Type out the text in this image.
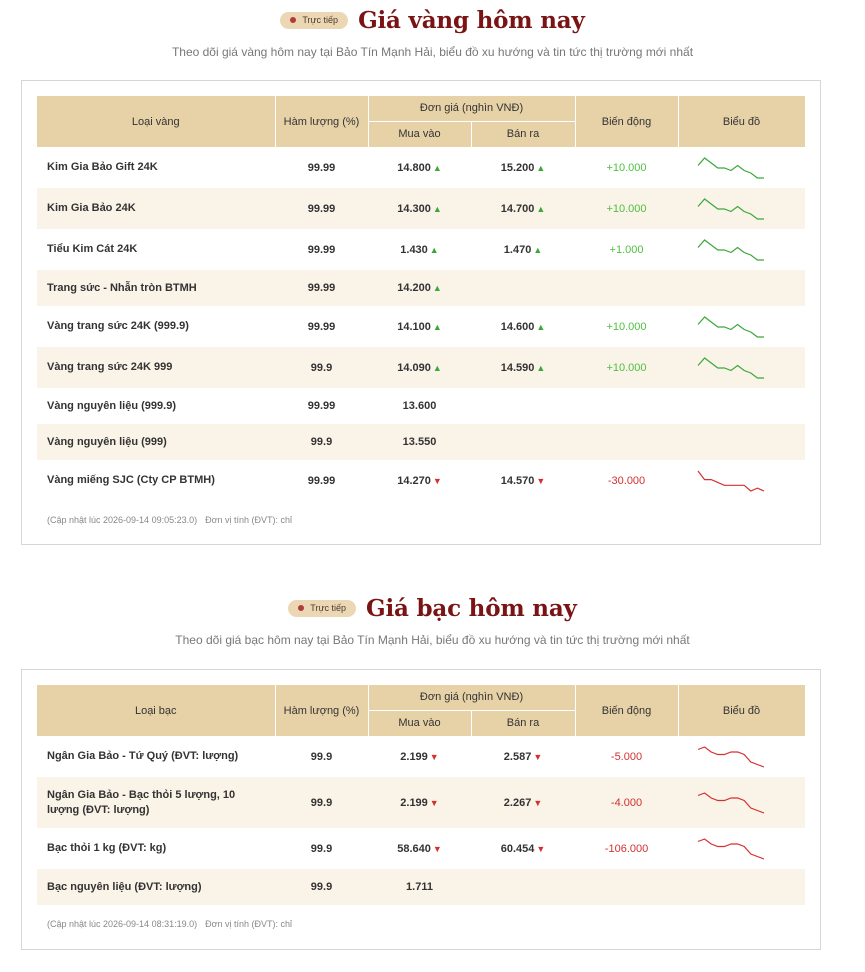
Trực tiếp Giá vàng hôm nay
Theo dõi giá vàng hôm nay tại Bảo Tín Mạnh Hải, biểu đồ xu hướng và tin tức thị trường mới nhất
Loại vàng	Hàm lượng (%)	Đơn giá (nghìn VNĐ)		Biến động	Biểu đồ
		Mua vào	Bán ra		
Kim Gia Bảo Gift 24K	99.99	14.800 ▲	15.200 ▲	+10.000	

Kim Gia Bảo 24K	99.99	14.300 ▲	14.700 ▲	+10.000	

Tiểu Kim Cát 24K	99.99	1.430 ▲	1.470 ▲	+1.000	

Trang sức - Nhẫn tròn BTMH	99.99	14.200 ▲			
Vàng trang sức 24K (999.9)	99.99	14.100 ▲	14.600 ▲	+10.000	

Vàng trang sức 24K 999	99.9	14.090 ▲	14.590 ▲	+10.000	

Vàng nguyên liệu (999.9)	99.99	13.600			
Vàng nguyên liệu (999)	99.9	13.550			
Vàng miếng SJC (Cty CP BTMH)	99.99	14.270 ▼	14.570 ▼	-30.000	
(Cập nhật lúc 2026-09-14 09:05:23.0) Đơn vị tính (ĐVT): chỉ
Trực tiếp Giá bạc hôm nay
Theo dõi giá bạc hôm nay tại Bảo Tín Mạnh Hải, biểu đồ xu hướng và tin tức thị trường mới nhất
Loại bạc	Hàm lượng (%)	Đơn giá (nghìn VNĐ)		Biến động	Biểu đồ
		Mua vào	Bán ra		
Ngân Gia Bảo - Tứ Quý (ĐVT: lượng)	99.9	2.199 ▼	2.587 ▼	-5.000	

Ngân Gia Bảo - Bạc thỏi 5 lượng, 10 lượng (ĐVT: lượng)	99.9	2.199 ▼	2.267 ▼	-4.000	

Bạc thỏi 1 kg (ĐVT: kg)	99.9	58.640 ▼	60.454 ▼	-106.000	

Bạc nguyên liệu (ĐVT: lượng)	99.9	1.711			
(Cập nhật lúc 2026-09-14 08:31:19.0) Đơn vị tính (ĐVT): chỉ
